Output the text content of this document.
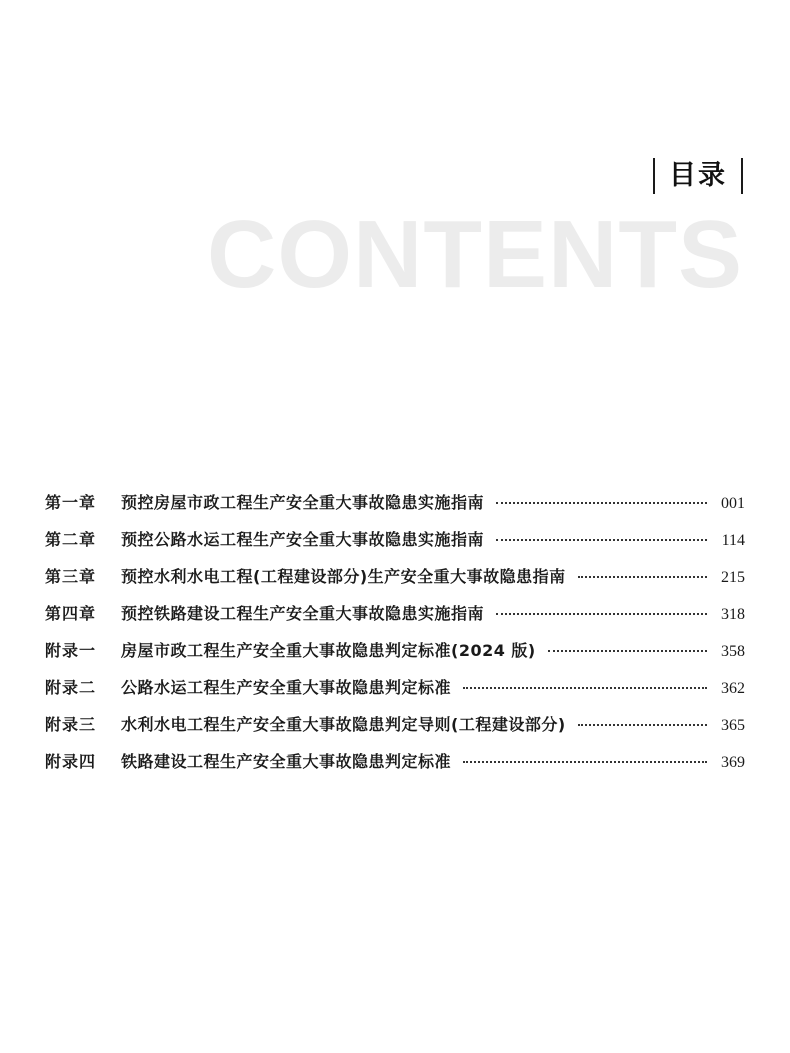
目录
CONTENTS
第一章	预控房屋市政工程生产安全重大事故隐患实施指南	001
第二章	预控公路水运工程生产安全重大事故隐患实施指南	114
第三章	预控水利水电工程(工程建设部分)生产安全重大事故隐患指南	215
第四章	预控铁路建设工程生产安全重大事故隐患实施指南	318
附录一	房屋市政工程生产安全重大事故隐患判定标准(2024 版)	358
附录二	公路水运工程生产安全重大事故隐患判定标准	362
附录三	水利水电工程生产安全重大事故隐患判定导则(工程建设部分)	365
附录四	铁路建设工程生产安全重大事故隐患判定标准	369
